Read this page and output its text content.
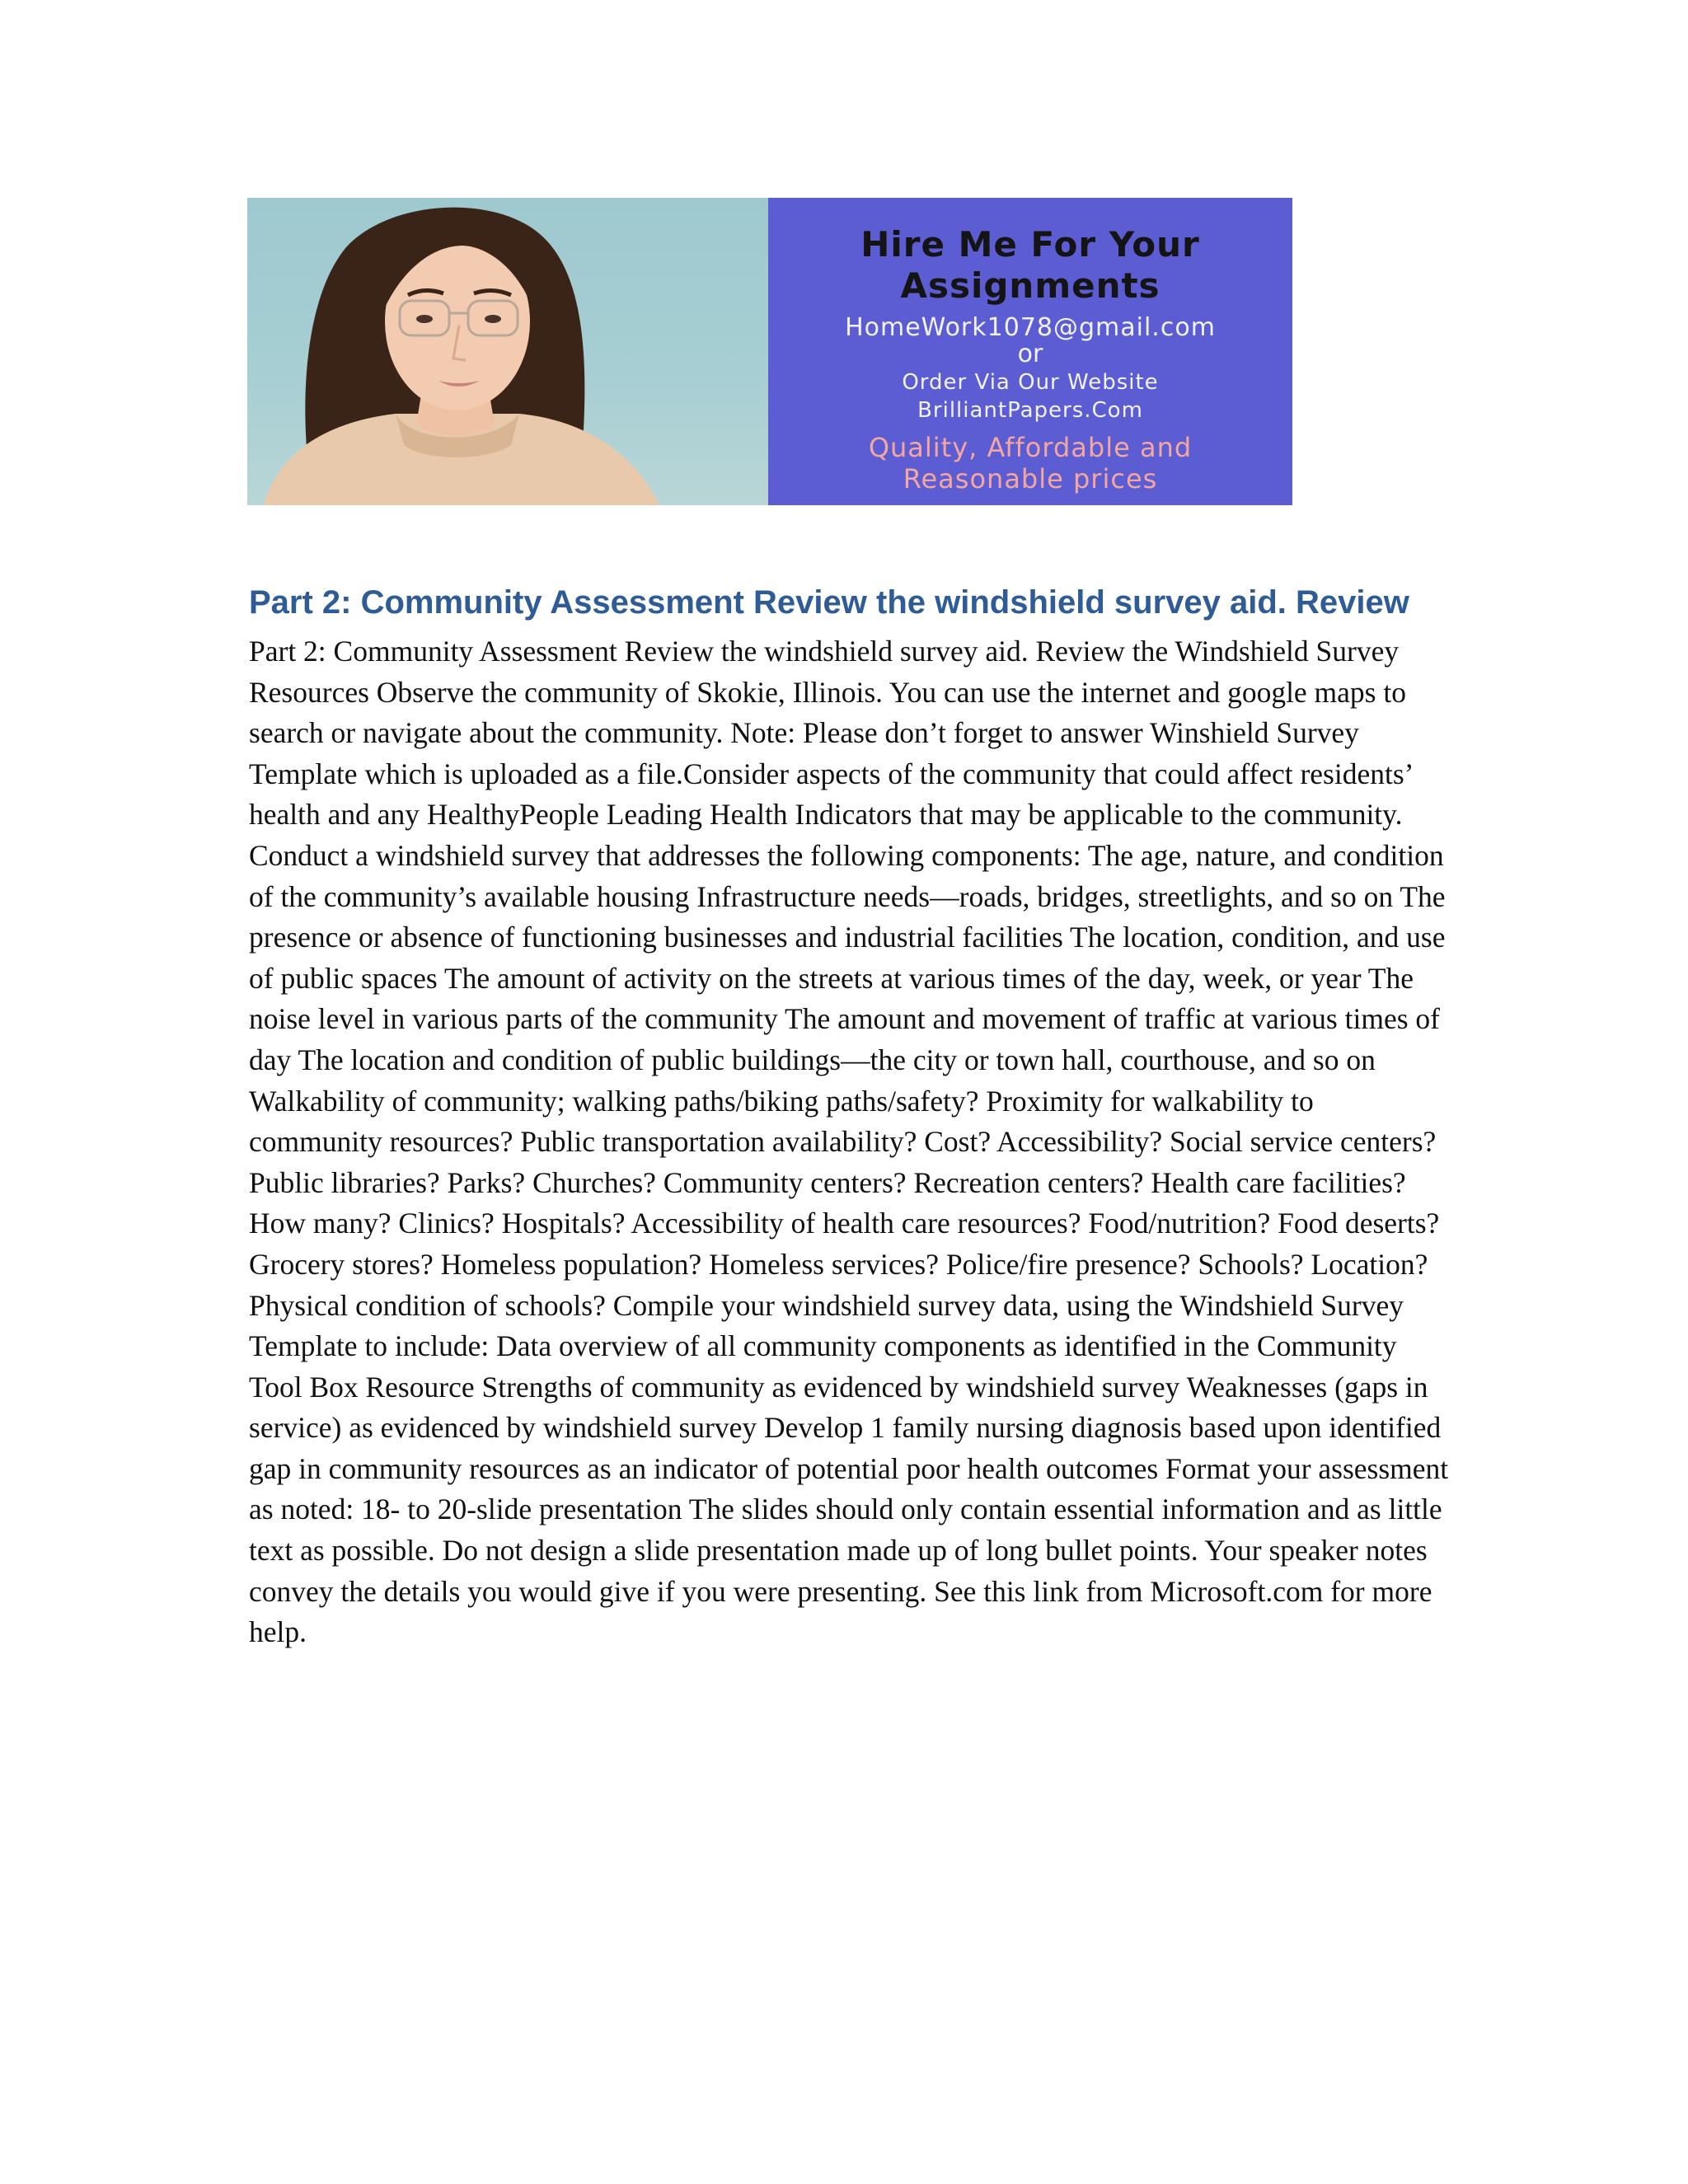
Hire Me For Your Assignments
HomeWork1078@gmail.com
or
Order Via Our Website
BrilliantPapers.Com
Quality, Affordable and Reasonable prices
Part 2: Community Assessment Review the windshield survey aid. Review

Part 2: Community Assessment Review the windshield survey aid. Review the Windshield Survey Resources Observe the community of Skokie, Illinois. You can use the internet and google maps to search or navigate about the community. Note: Please don’t forget to answer Winshield Survey Template which is uploaded as a file.Consider aspects of the community that could affect residents’ health and any HealthyPeople Leading Health Indicators that may be applicable to the community. Conduct a windshield survey that addresses the following components: The age, nature, and condition of the community’s available housing Infrastructure needs—roads, bridges, streetlights, and so on The presence or absence of functioning businesses and industrial facilities The location, condition, and use of public spaces The amount of activity on the streets at various times of the day, week, or year The noise level in various parts of the community The amount and movement of traffic at various times of day The location and condition of public buildings—the city or town hall, courthouse, and so on Walkability of community; walking paths/biking paths/safety? Proximity for walkability to community resources? Public transportation availability? Cost? Accessibility? Social service centers? Public libraries? Parks? Churches? Community centers? Recreation centers? Health care facilities? How many? Clinics? Hospitals? Accessibility of health care resources? Food/nutrition? Food deserts? Grocery stores? Homeless population? Homeless services? Police/fire presence? Schools? Location? Physical condition of schools? Compile your windshield survey data, using the Windshield Survey Template to include: Data overview of all community components as identified in the Community Tool Box Resource Strengths of community as evidenced by windshield survey Weaknesses (gaps in service) as evidenced by windshield survey Develop 1 family nursing diagnosis based upon identified gap in community resources as an indicator of potential poor health outcomes Format your assessment as noted: 18- to 20-slide presentation The slides should only contain essential information and as little text as possible. Do not design a slide presentation made up of long bullet points. Your speaker notes convey the details you would give if you were presenting. See this link from Microsoft.com for more help.
